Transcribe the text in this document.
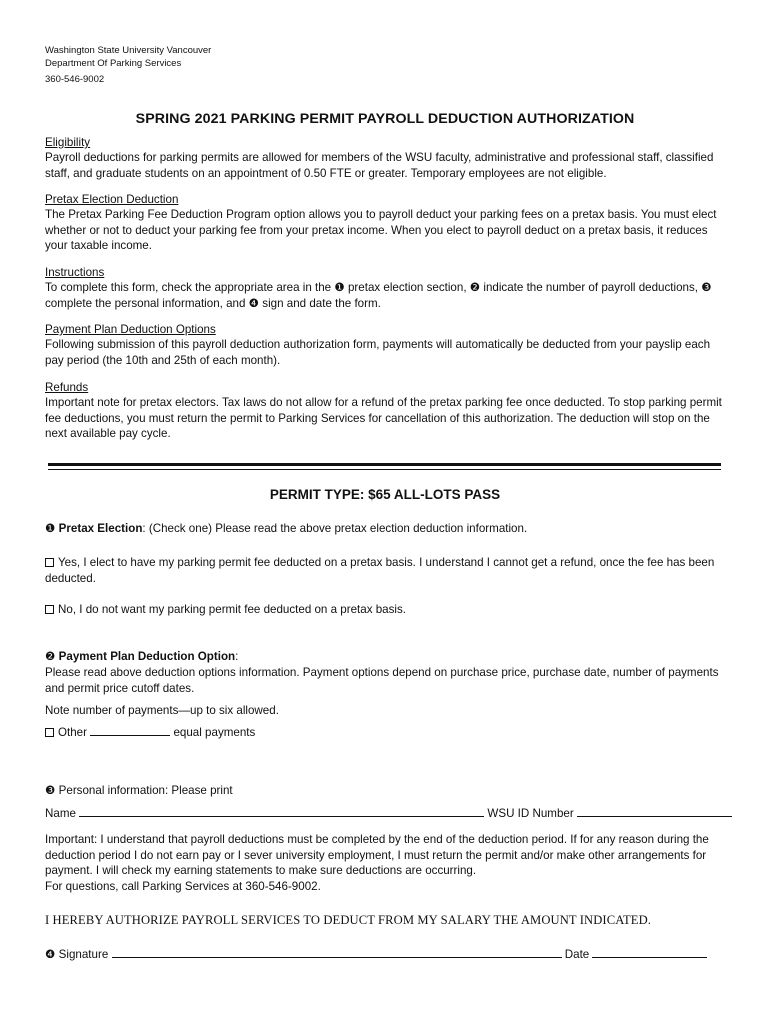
Washington State University Vancouver
Department Of Parking Services
360-546-9002
SPRING 2021 PARKING PERMIT PAYROLL DEDUCTION AUTHORIZATION
Eligibility
Payroll deductions for parking permits are allowed for members of the WSU faculty, administrative and professional staff, classified staff, and graduate students on an appointment of 0.50 FTE or greater. Temporary employees are not eligible.
Pretax Election Deduction
The Pretax Parking Fee Deduction Program option allows you to payroll deduct your parking fees on a pretax basis. You must elect whether or not to deduct your parking fee from your pretax income. When you elect to payroll deduct on a pretax basis, it reduces your taxable income.
Instructions
To complete this form, check the appropriate area in the ❶ pretax election section, ❷ indicate the number of payroll deductions, ❸ complete the personal information, and ❹ sign and date the form.
Payment Plan Deduction Options
Following submission of this payroll deduction authorization form, payments will automatically be deducted from your payslip each pay period (the 10th and 25th of each month).
Refunds
Important note for pretax electors. Tax laws do not allow for a refund of the pretax parking fee once deducted. To stop parking permit fee deductions, you must return the permit to Parking Services for cancellation of this authorization. The deduction will stop on the next available pay cycle.
PERMIT TYPE: $65 ALL-LOTS PASS
❶ Pretax Election: (Check one) Please read the above pretax election deduction information.
Yes, I elect to have my parking permit fee deducted on a pretax basis. I understand I cannot get a refund, once the fee has been deducted.
No, I do not want my parking permit fee deducted on a pretax basis.
❷ Payment Plan Deduction Option:
Please read above deduction options information. Payment options depend on purchase price, purchase date, number of payments and permit price cutoff dates.
Note number of payments—up to six allowed.
Other	equal payments
❸ Personal information: Please print
Name	WSU ID Number
Important: I understand that payroll deductions must be completed by the end of the deduction period. If for any reason during the deduction period I do not earn pay or I sever university employment, I must return the permit and/or make other arrangements for payment. I will check my earning statements to make sure deductions are occurring.
For questions, call Parking Services at 360-546-9002.
I HEREBY AUTHORIZE PAYROLL SERVICES TO DEDUCT FROM MY SALARY THE AMOUNT INDICATED.
❹ Signature	Date
